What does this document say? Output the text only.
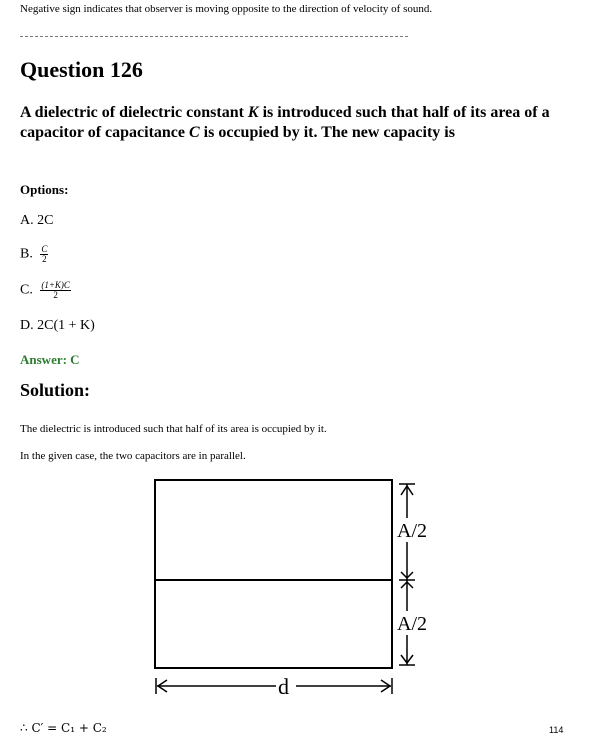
Negative sign indicates that observer is moving opposite to the direction of velocity of sound.
Question 126
A dielectric of dielectric constant K is introduced such that half of its area of a capacitor of capacitance C is occupied by it. The new capacity is
Options:
A. 2C
B. $\frac{C}{2}$
C. $\frac{(1+K)C}{2}$
D. 2C(1 + K)
Answer: C
Solution:
The dielectric is introduced such that half of its area is occupied by it.
In the given case, the two capacitors are in parallel.
A/2
A/2
d
∴ C′ = C₁ + C₂	114
